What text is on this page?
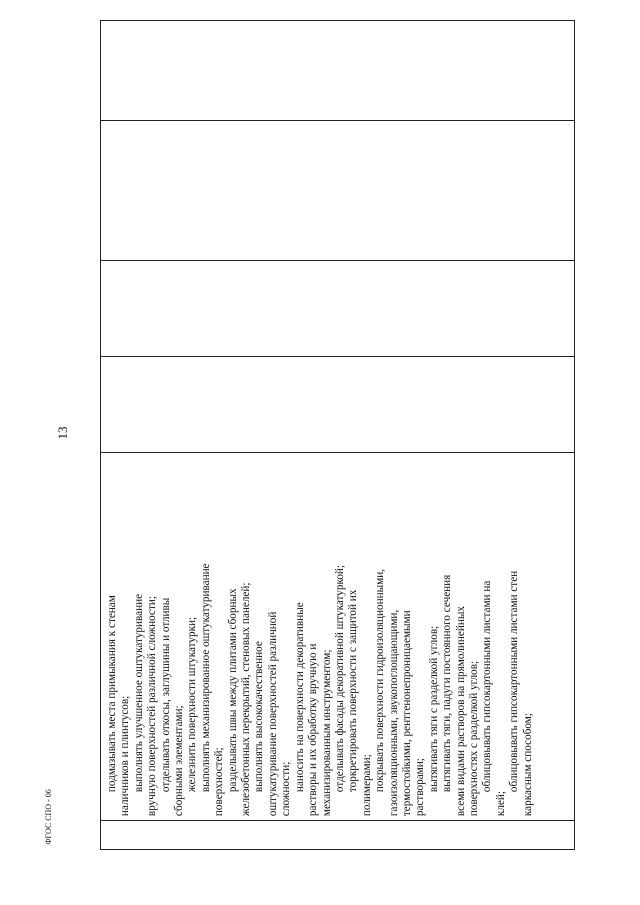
13
подмазывать места примыкания к стенам наличников и плинтусов; выполнять улучшенное оштукатуривание вручную поверхностей различной сложности; отделывать откосы, заглушины и отливы сборными элементами; железнить поверхности штукатурки; выполнять механизированное оштукатуривание поверхностей; разделывать швы между плитами сборных железобетонных перекрытий, стеновых панелей; выполнять высококачественное оштукатуривание поверхностей различной сложности; наносить на поверхности декоративные растворы и их обработку вручную и механизированным инструментом; отделывать фасады декоративной штукатуркой; торкретировать поверхности с защитой их полимерами; покрывать поверхности гидроизоляционными, газоизоляционными, звукопоглощающими, термостойкими, рентгенонепроницаемыми растворами; вытягивать тяги с разделкой углов; вытягивать тяги, падуги постоянного сечения всеми видами растворов на прямолинейных поверхностях с разделкой углов; облицовывать гипсокартонными листами на
клей;
облицовывать гипсокартонными листами стен каркасным способом;
ФГОС СПО - 06
